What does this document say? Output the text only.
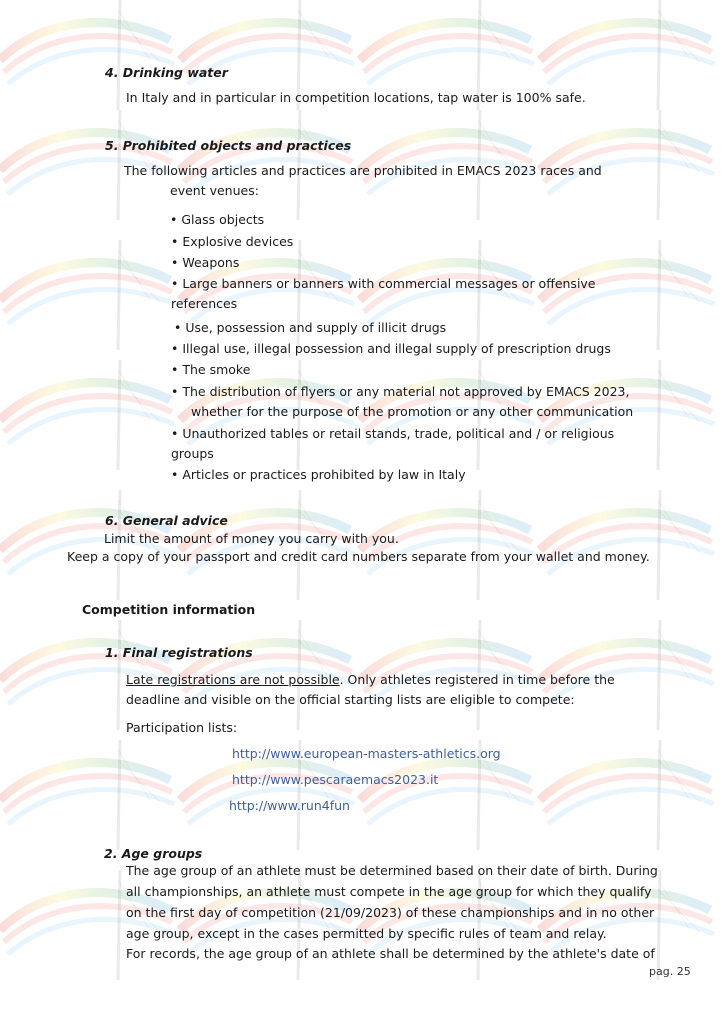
4. Drinking water
In Italy and in particular in competition locations, tap water is 100% safe.
5. Prohibited objects and practices
The following articles and practices are prohibited in EMACS 2023 races and
event venues:
• Glass objects
• Explosive devices
• Weapons
• Large banners or banners with commercial messages or offensive
references
• Use, possession and supply of illicit drugs
• Illegal use, illegal possession and illegal supply of prescription drugs
• The smoke
• The distribution of flyers or any material not approved by EMACS 2023,
whether for the purpose of the promotion or any other communication
• Unauthorized tables or retail stands, trade, political and / or religious
groups
• Articles or practices prohibited by law in Italy
6. General advice
Limit the amount of money you carry with you.
Keep a copy of your passport and credit card numbers separate from your wallet and money.
Competition information
1. Final registrations
Late registrations are not possible. Only athletes registered in time before the
deadline and visible on the official starting lists are eligible to compete:
Participation lists:
http://www.european-masters-athletics.org
http://www.pescaraemacs2023.it
http://www.run4fun
2. Age groups
The age group of an athlete must be determined based on their date of birth. During
all championships, an athlete must compete in the age group for which they qualify
on the first day of competition (21/09/2023) of these championships and in no other
age group, except in the cases permitted by specific rules of team and relay.
For records, the age group of an athlete shall be determined by the athlete's date of
pag. 25
